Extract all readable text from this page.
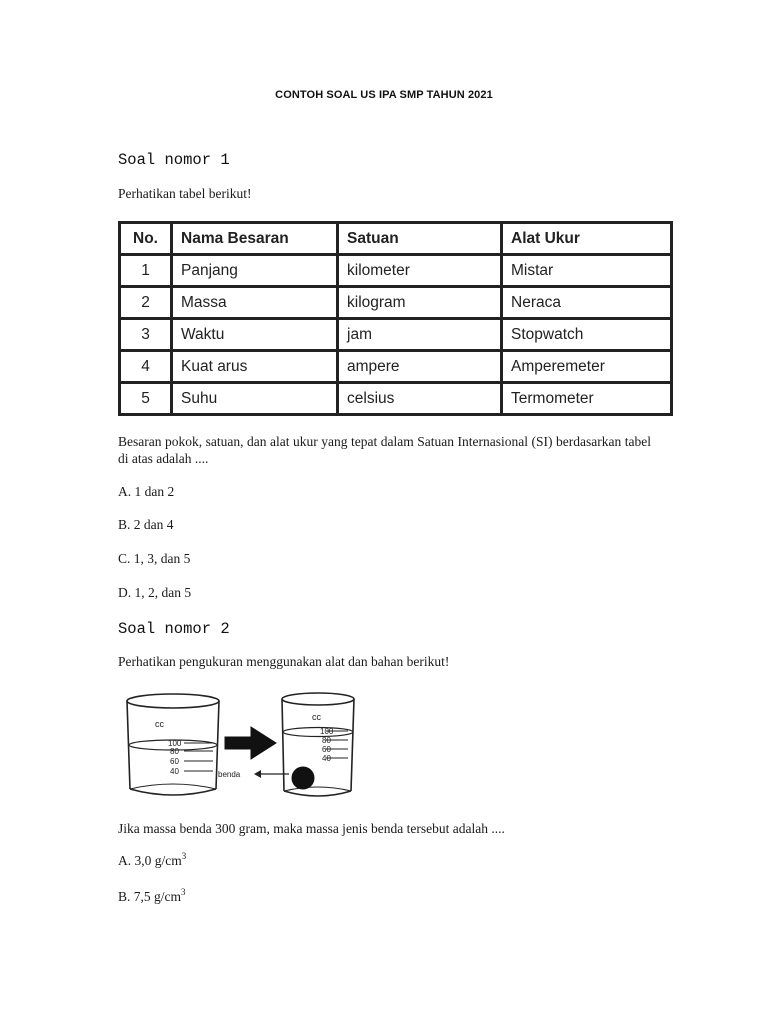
CONTOH SOAL US IPA SMP TAHUN 2021
Soal nomor 1
Perhatikan tabel berikut!
No.	Nama Besaran	Satuan	Alat Ukur
1	Panjang	kilometer	Mistar
2	Massa	kilogram	Neraca
3	Waktu	jam	Stopwatch
4	Kuat arus	ampere	Amperemeter
5	Suhu	celsius	Termometer
Besaran pokok, satuan, dan alat ukur yang tepat dalam Satuan Internasional (SI) berdasarkan tabel di atas adalah ....
A. 1 dan 2
B. 2 dan 4
C. 1, 3, dan 5
D. 1, 2, dan 5
Soal nomor 2
Perhatikan pengukuran menggunakan alat dan bahan berikut!
cc
100
80
60
40
cc
100
80
60
40
benda
Jika massa benda 300 gram, maka massa jenis benda tersebut adalah ....
A. 3,0 $g/cm^3$
B. 7,5 $g/cm^3$
